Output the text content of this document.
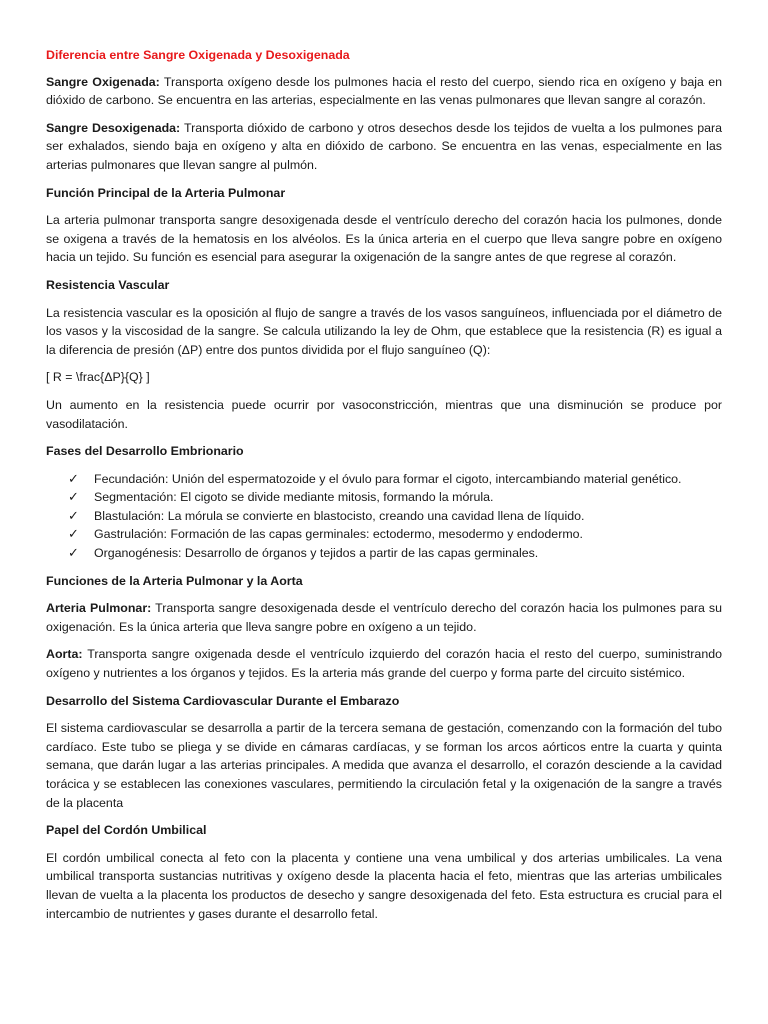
Diferencia entre Sangre Oxigenada y Desoxigenada

Sangre Oxigenada: Transporta oxígeno desde los pulmones hacia el resto del cuerpo, siendo rica en oxígeno y baja en dióxido de carbono. Se encuentra en las arterias, especialmente en las venas pulmonares que llevan sangre al corazón.

Sangre Desoxigenada: Transporta dióxido de carbono y otros desechos desde los tejidos de vuelta a los pulmones para ser exhalados, siendo baja en oxígeno y alta en dióxido de carbono. Se encuentra en las venas, especialmente en las arterias pulmonares que llevan sangre al pulmón.

Función Principal de la Arteria Pulmonar

La arteria pulmonar transporta sangre desoxigenada desde el ventrículo derecho del corazón hacia los pulmones, donde se oxigena a través de la hematosis en los alvéolos. Es la única arteria en el cuerpo que lleva sangre pobre en oxígeno hacia un tejido. Su función es esencial para asegurar la oxigenación de la sangre antes de que regrese al corazón.

Resistencia Vascular

La resistencia vascular es la oposición al flujo de sangre a través de los vasos sanguíneos, influenciada por el diámetro de los vasos y la viscosidad de la sangre. Se calcula utilizando la ley de Ohm, que establece que la resistencia (R) es igual a la diferencia de presión (ΔP) entre dos puntos dividida por el flujo sanguíneo (Q):

[ R = \frac{ΔP}{Q} ]

Un aumento en la resistencia puede ocurrir por vasoconstricción, mientras que una disminución se produce por vasodilatación.

Fases del Desarrollo Embrionario
✓ Fecundación: Unión del espermatozoide y el óvulo para formar el cigoto, intercambiando material genético.
✓ Segmentación: El cigoto se divide mediante mitosis, formando la mórula.
✓ Blastulación: La mórula se convierte en blastocisto, creando una cavidad llena de líquido.
✓ Gastrulación: Formación de las capas germinales: ectodermo, mesodermo y endodermo.
✓ Organogénesis: Desarrollo de órganos y tejidos a partir de las capas germinales.
Funciones de la Arteria Pulmonar y la Aorta

Arteria Pulmonar: Transporta sangre desoxigenada desde el ventrículo derecho del corazón hacia los pulmones para su oxigenación. Es la única arteria que lleva sangre pobre en oxígeno a un tejido.

Aorta: Transporta sangre oxigenada desde el ventrículo izquierdo del corazón hacia el resto del cuerpo, suministrando oxígeno y nutrientes a los órganos y tejidos. Es la arteria más grande del cuerpo y forma parte del circuito sistémico.

Desarrollo del Sistema Cardiovascular Durante el Embarazo

El sistema cardiovascular se desarrolla a partir de la tercera semana de gestación, comenzando con la formación del tubo cardíaco. Este tubo se pliega y se divide en cámaras cardíacas, y se forman los arcos aórticos entre la cuarta y quinta semana, que darán lugar a las arterias principales. A medida que avanza el desarrollo, el corazón desciende a la cavidad torácica y se establecen las conexiones vasculares, permitiendo la circulación fetal y la oxigenación de la sangre a través de la placenta

Papel del Cordón Umbilical

El cordón umbilical conecta al feto con la placenta y contiene una vena umbilical y dos arterias umbilicales. La vena umbilical transporta sustancias nutritivas y oxígeno desde la placenta hacia el feto, mientras que las arterias umbilicales llevan de vuelta a la placenta los productos de desecho y sangre desoxigenada del feto. Esta estructura es crucial para el intercambio de nutrientes y gases durante el desarrollo fetal.
